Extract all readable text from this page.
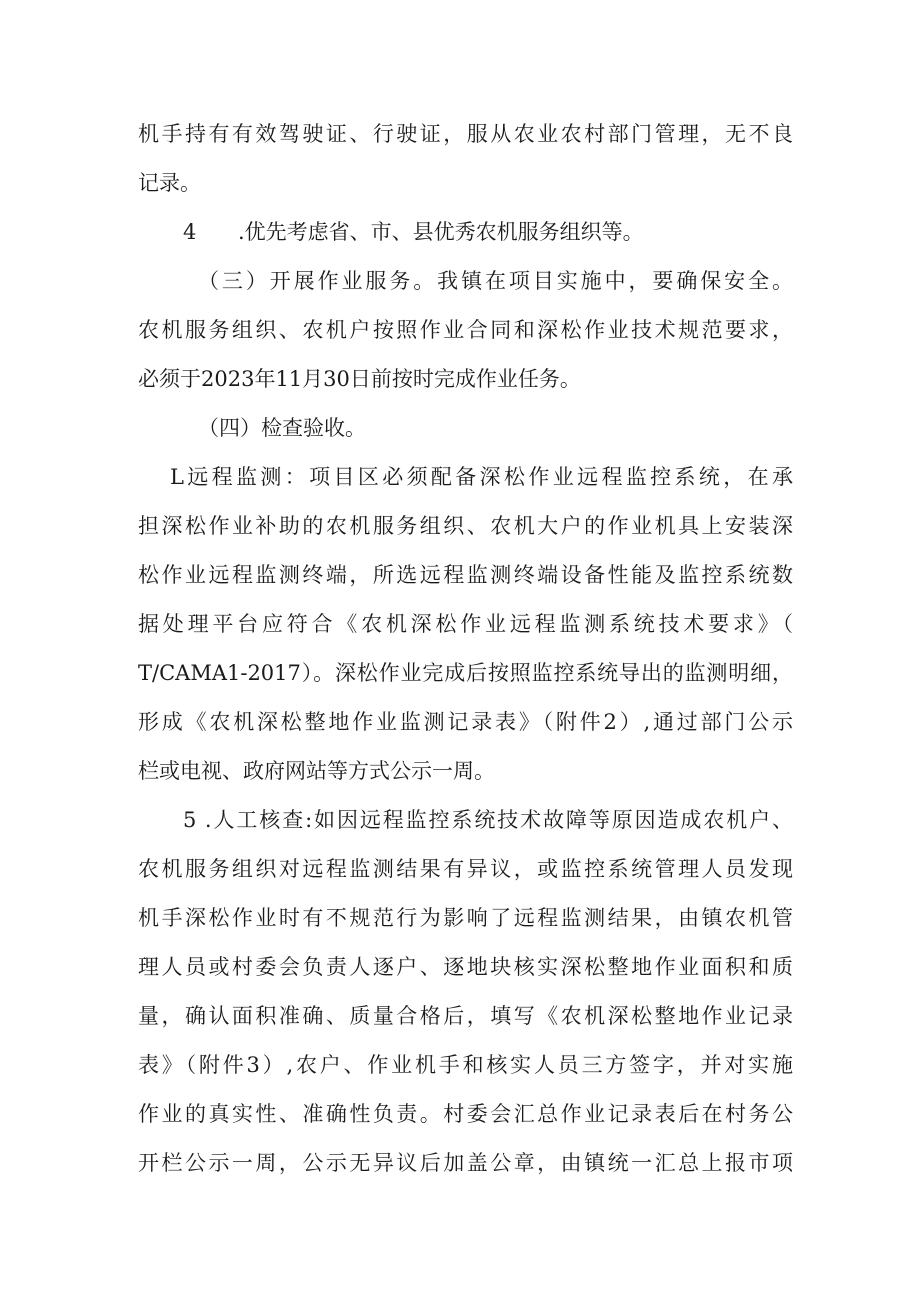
机手持有有效驾驶证、行驶证，服从农业农村部门管理，无不良
记录。
4 .优先考虑省、市、县优秀农机服务组织等。
（三）开展作业服务。我镇在项目实施中，要确保安全。
农机服务组织、农机户按照作业合同和深松作业技术规范要求，
必须于2023年11月30日前按时完成作业任务。
（四）检查验收。
L远程监测：项目区必须配备深松作业远程监控系统，在承
担深松作业补助的农机服务组织、农机大户的作业机具上安装深
松作业远程监测终端，所选远程监测终端设备性能及监控系统数
据处理平台应符合《农机深松作业远程监测系统技术要求》（
T/CAMA1-2017）。深松作业完成后按照监控系统导出的监测明细，
形成《农机深松整地作业监测记录表》（附件2）,通过部门公示
栏或电视、政府网站等方式公示一周。
5 .人工核查:如因远程监控系统技术故障等原因造成农机户、
农机服务组织对远程监测结果有异议，或监控系统管理人员发现
机手深松作业时有不规范行为影响了远程监测结果，由镇农机管
理人员或村委会负责人逐户、逐地块核实深松整地作业面积和质
量，确认面积准确、质量合格后，填写《农机深松整地作业记录
表》（附件3）,农户、作业机手和核实人员三方签字，并对实施
作业的真实性、准确性负责。村委会汇总作业记录表后在村务公
开栏公示一周，公示无异议后加盖公章，由镇统一汇总上报市项
